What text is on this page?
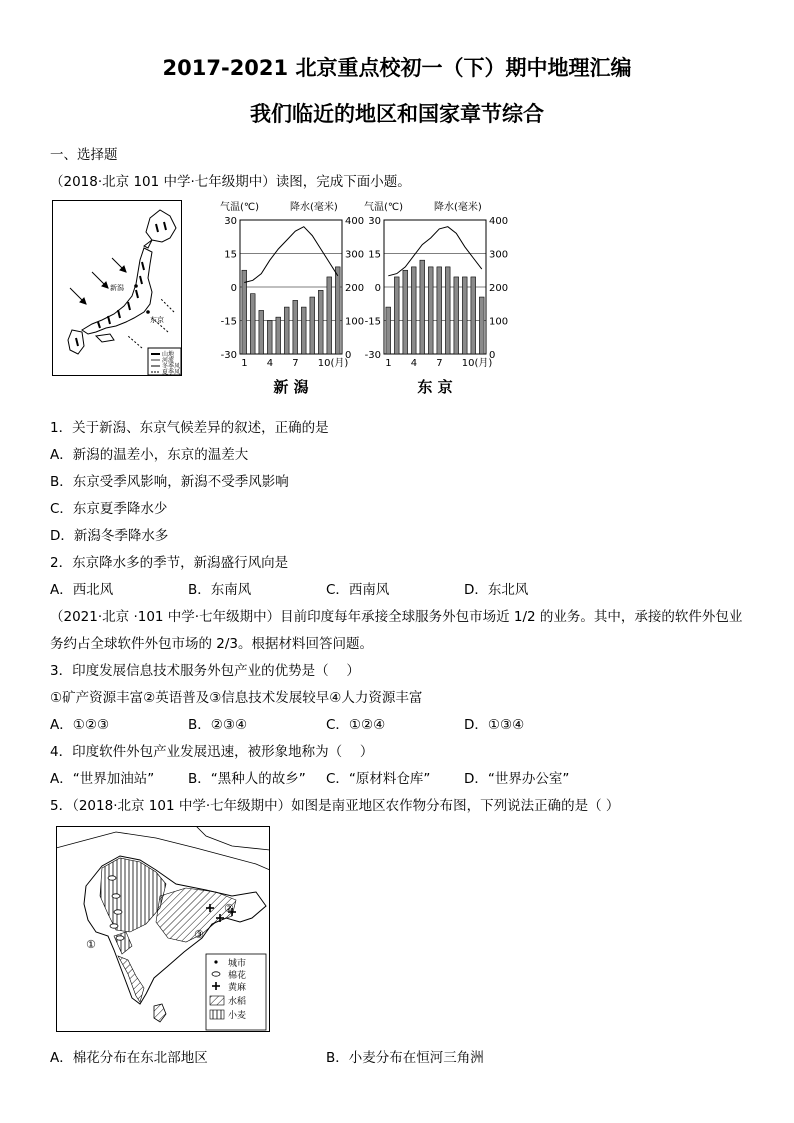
2017-2021 北京重点校初一（下）期中地理汇编
我们临近的地区和国家章节综合
一、选择题
（2018·北京 101 中学·七年级期中）读图，完成下面小题。
新潟
东京
山地
河流
冬季风
夏季风
气温(℃)	降水(毫米)
30
15
0
-15
-30
400
300
200
100
0
1 4 7 10(月)
新 潟
气温(℃)	降水(毫米)
30
15
0
-15
-30
400
300
200
100
0
1 4 7 10(月)
东 京
1．关于新潟、东京气候差异的叙述，正确的是
A．新潟的温差小，东京的温差大
B．东京受季风影响，新潟不受季风影响
C．东京夏季降水少
D．新潟冬季降水多
2．东京降水多的季节，新潟盛行风向是
A．西北风	B．东南风	C．西南风	D．东北风
（2021·北京 ·101 中学·七年级期中）目前印度每年承接全球服务外包市场近 1/2 的业务。其中，承接的软件外包业
务约占全球软件外包市场的 2/3。根据材料回答问题。
3．印度发展信息技术服务外包产业的优势是（　 ）
①矿产资源丰富②英语普及③信息技术发展较早④人力资源丰富
A．①②③	B．②③④	C．①②④	D．①③④
4．印度软件外包产业发展迅速，被形象地称为（　 ）
A．“世界加油站”	B．“黑种人的故乡” C．“原材料仓库” D．“世界办公室”
5．（2018·北京 101 中学·七年级期中）如图是南亚地区农作物分布图，下列说法正确的是（ ）
①
②
③
城市
棉花
黄麻
水稻
小麦
A．棉花分布在东北部地区	B．小麦分布在恒河三角洲
